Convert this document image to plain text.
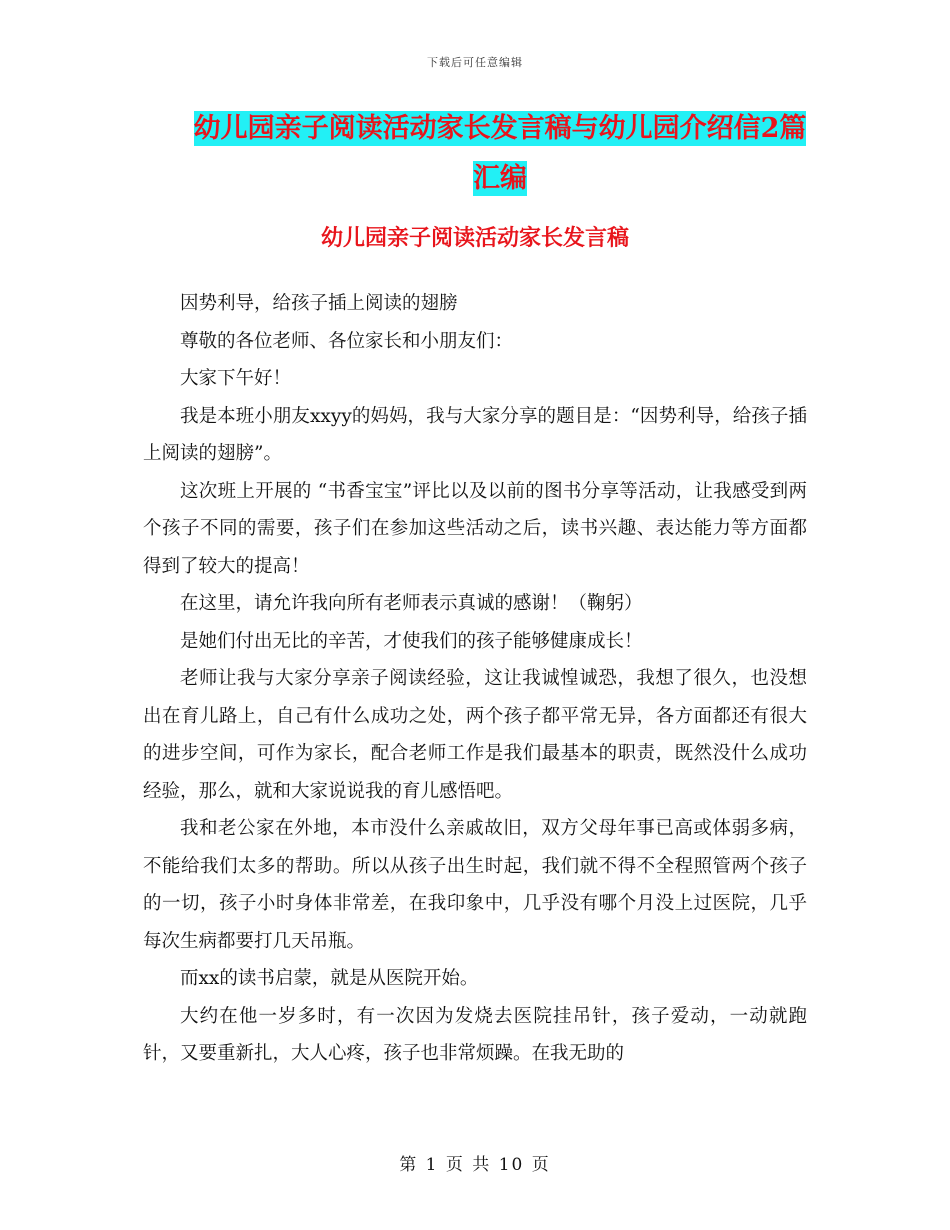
下载后可任意编辑
幼儿园亲子阅读活动家长发言稿与幼儿园介绍信2篇汇编
幼儿园亲子阅读活动家长发言稿

因势利导，给孩子插上阅读的翅膀

尊敬的各位老师、各位家长和小朋友们：

大家下午好！

我是本班小朋友xxyy的妈妈，我与大家分享的题目是：“因势利导，给孩子插上阅读的翅膀”。

这次班上开展的 “书香宝宝”评比以及以前的图书分享等活动，让我感受到两个孩子不同的需要，孩子们在参加这些活动之后，读书兴趣、表达能力等方面都得到了较大的提高！

在这里，请允许我向所有老师表示真诚的感谢！（鞠躬）

是她们付出无比的辛苦，才使我们的孩子能够健康成长！

老师让我与大家分享亲子阅读经验，这让我诚惶诚恐，我想了很久，也没想出在育儿路上，自己有什么成功之处，两个孩子都平常无异，各方面都还有很大的进步空间，可作为家长，配合老师工作是我们最基本的职责，既然没什么成功经验，那么，就和大家说说我的育儿感悟吧。

我和老公家在外地，本市没什么亲戚故旧，双方父母年事已高或体弱多病，不能给我们太多的帮助。所以从孩子出生时起，我们就不得不全程照管两个孩子的一切，孩子小时身体非常差，在我印象中，几乎没有哪个月没上过医院，几乎每次生病都要打几天吊瓶。

而xx的读书启蒙，就是从医院开始。

大约在他一岁多时，有一次因为发烧去医院挂吊针，孩子爱动，一动就跑针，又要重新扎，大人心疼，孩子也非常烦躁。在我无助的

第 1 页 共 10 页
